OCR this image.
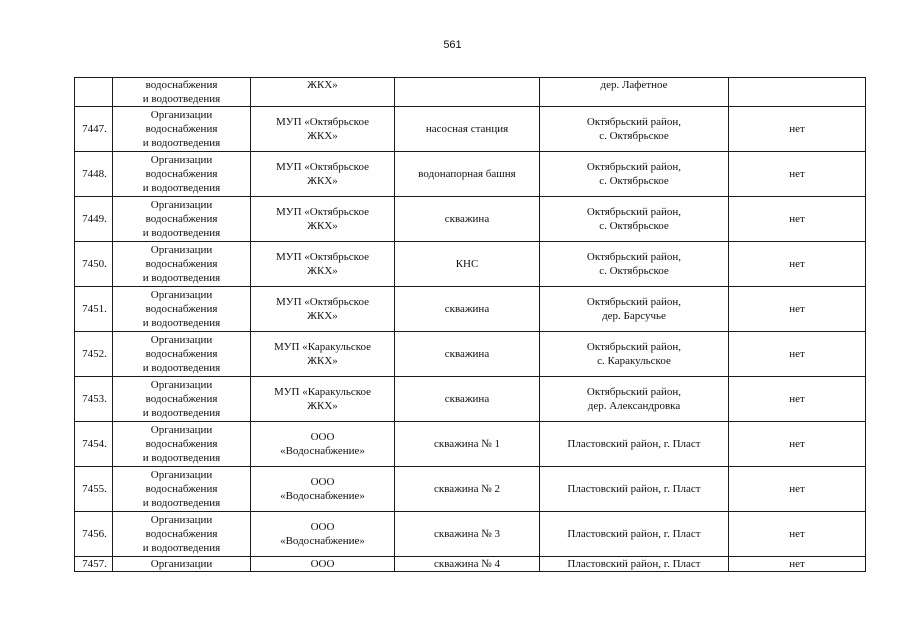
561

	водоснабжения
и водоотведения	ЖКХ»		дер. Лафетное	

7447.	Организации
водоснабжения
и водоотведения	МУП «Октябрьское
ЖКХ»	насосная станция	Октябрьский район,
с. Октябрьское	нет
7448.	Организации
водоснабжения
и водоотведения	МУП «Октябрьское
ЖКХ»	водонапорная башня	Октябрьский район,
с. Октябрьское	нет
7449.	Организации
водоснабжения
и водоотведения	МУП «Октябрьское
ЖКХ»	скважина	Октябрьский район,
с. Октябрьское	нет
7450.	Организации
водоснабжения
и водоотведения	МУП «Октябрьское
ЖКХ»	КНС	Октябрьский район,
с. Октябрьское	нет
7451.	Организации
водоснабжения
и водоотведения	МУП «Октябрьское
ЖКХ»	скважина	Октябрьский район,
дер. Барсучье	нет
7452.	Организации
водоснабжения
и водоотведения	МУП «Каракульское
ЖКХ»	скважина	Октябрьский район,
с. Каракульское	нет
7453.	Организации
водоснабжения
и водоотведения	МУП «Каракульское
ЖКХ»	скважина	Октябрьский район,
дер. Александровка	нет
7454.	Организации
водоснабжения
и водоотведения	ООО
«Водоснабжение»	скважина № 1	Пластовский район, г. Пласт	нет
7455.	Организации
водоснабжения
и водоотведения	ООО
«Водоснабжение»	скважина № 2	Пластовский район, г. Пласт	нет
7456.	Организации
водоснабжения
и водоотведения	ООО
«Водоснабжение»	скважина № 3	Пластовский район, г. Пласт	нет
7457.	Организации	ООО	скважина № 4	Пластовский район, г. Пласт	нет
